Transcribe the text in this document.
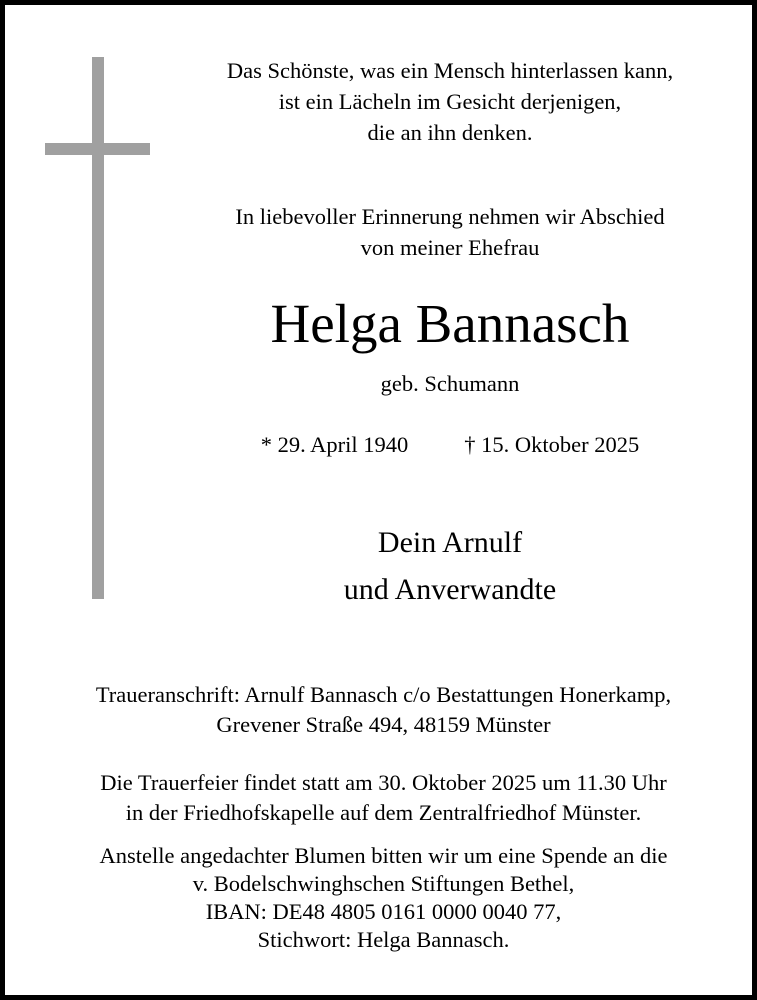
Das Schönste, was ein Mensch hinterlassen kann,
ist ein Lächeln im Gesicht derjenigen,
die an ihn denken.
In liebevoller Erinnerung nehmen wir Abschied
von meiner Ehefrau
Helga Bannasch
geb. Schumann
* 29. April 1940 † 15. Oktober 2025
Dein Arnulf
und Anverwandte
Traueranschrift: Arnulf Bannasch c/o Bestattungen Honerkamp,
Grevener Straße 494, 48159 Münster
Die Trauerfeier findet statt am 30. Oktober 2025 um 11.30 Uhr
in der Friedhofskapelle auf dem Zentralfriedhof Münster.
Anstelle angedachter Blumen bitten wir um eine Spende an die
v. Bodelschwinghschen Stiftungen Bethel,
IBAN: DE48 4805 0161 0000 0040 77,
Stichwort: Helga Bannasch.
